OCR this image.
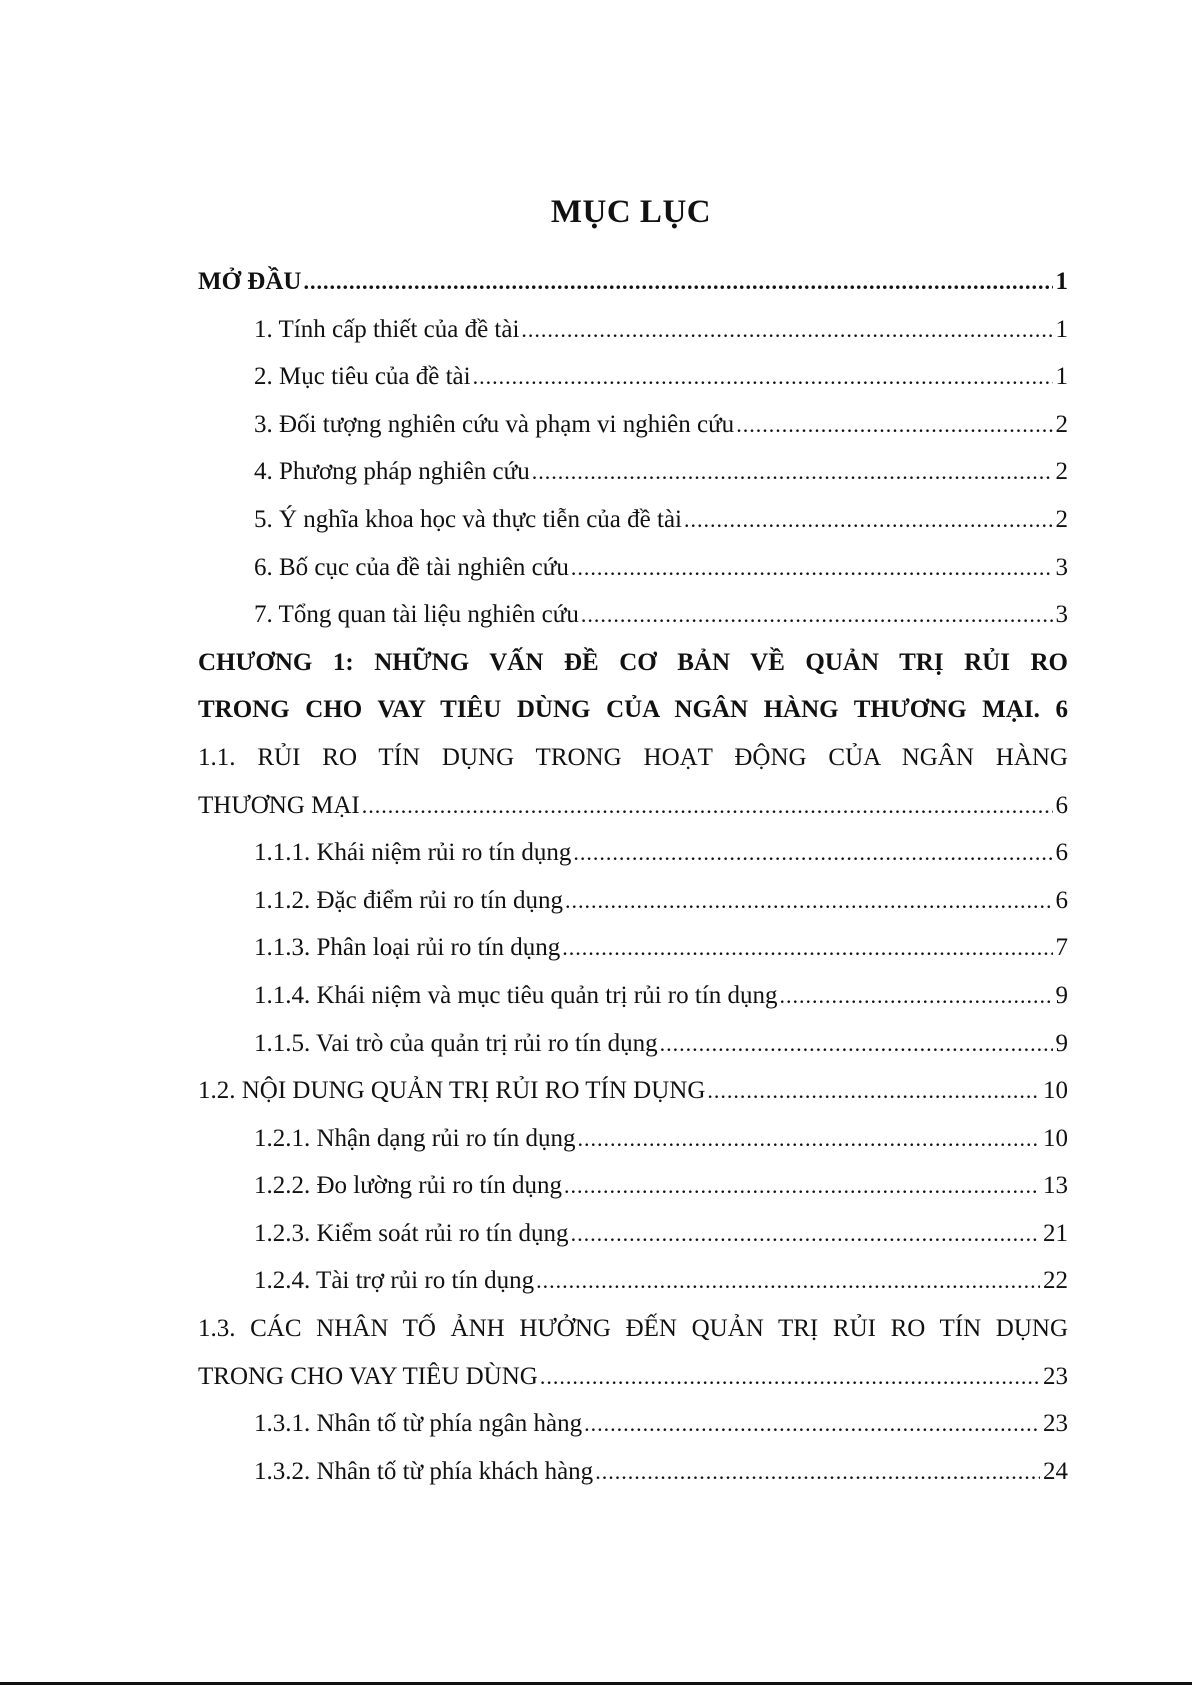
MỤC LỤC
MỞ ĐẦU .....	1
1. Tính cấp thiết của đề tài .....	1
2. Mục tiêu của đề tài .....	1
3. Đối tượng nghiên cứu và phạm vi nghiên cứu .....	2
4. Phương pháp nghiên cứu .....	2
5. Ý nghĩa khoa học và thực tiễn của đề tài .....	2
6. Bố cục của đề tài nghiên cứu .....	3
7. Tổng quan tài liệu nghiên cứu .....	3
CHƯƠNG 1: NHỮNG VẤN ĐỀ CƠ BẢN VỀ QUẢN TRỊ RỦI RO
TRONG CHO VAY TIÊU DÙNG CỦA NGÂN HÀNG THƯƠNG MẠI. 6
1.1. RỦI RO TÍN DỤNG TRONG HOẠT ĐỘNG CỦA NGÂN HÀNG
THƯƠNG MẠI .....	6
1.1.1. Khái niệm rủi ro tín dụng .....	6
1.1.2. Đặc điểm rủi ro tín dụng .....	6
1.1.3. Phân loại rủi ro tín dụng .....	7
1.1.4. Khái niệm và mục tiêu quản trị rủi ro tín dụng .....	9
1.1.5. Vai trò của quản trị rủi ro tín dụng .....	9
1.2. NỘI DUNG QUẢN TRỊ RỦI RO TÍN DỤNG .....	10
1.2.1. Nhận dạng rủi ro tín dụng .....	10
1.2.2. Đo lường rủi ro tín dụng .....	13
1.2.3. Kiểm soát rủi ro tín dụng .....	21
1.2.4. Tài trợ rủi ro tín dụng .....	22
1.3. CÁC NHÂN TỐ ẢNH HƯỞNG ĐẾN QUẢN TRỊ RỦI RO TÍN DỤNG
TRONG CHO VAY TIÊU DÙNG .....	23
1.3.1. Nhân tố từ phía ngân hàng .....	23
1.3.2. Nhân tố từ phía khách hàng .....	24
